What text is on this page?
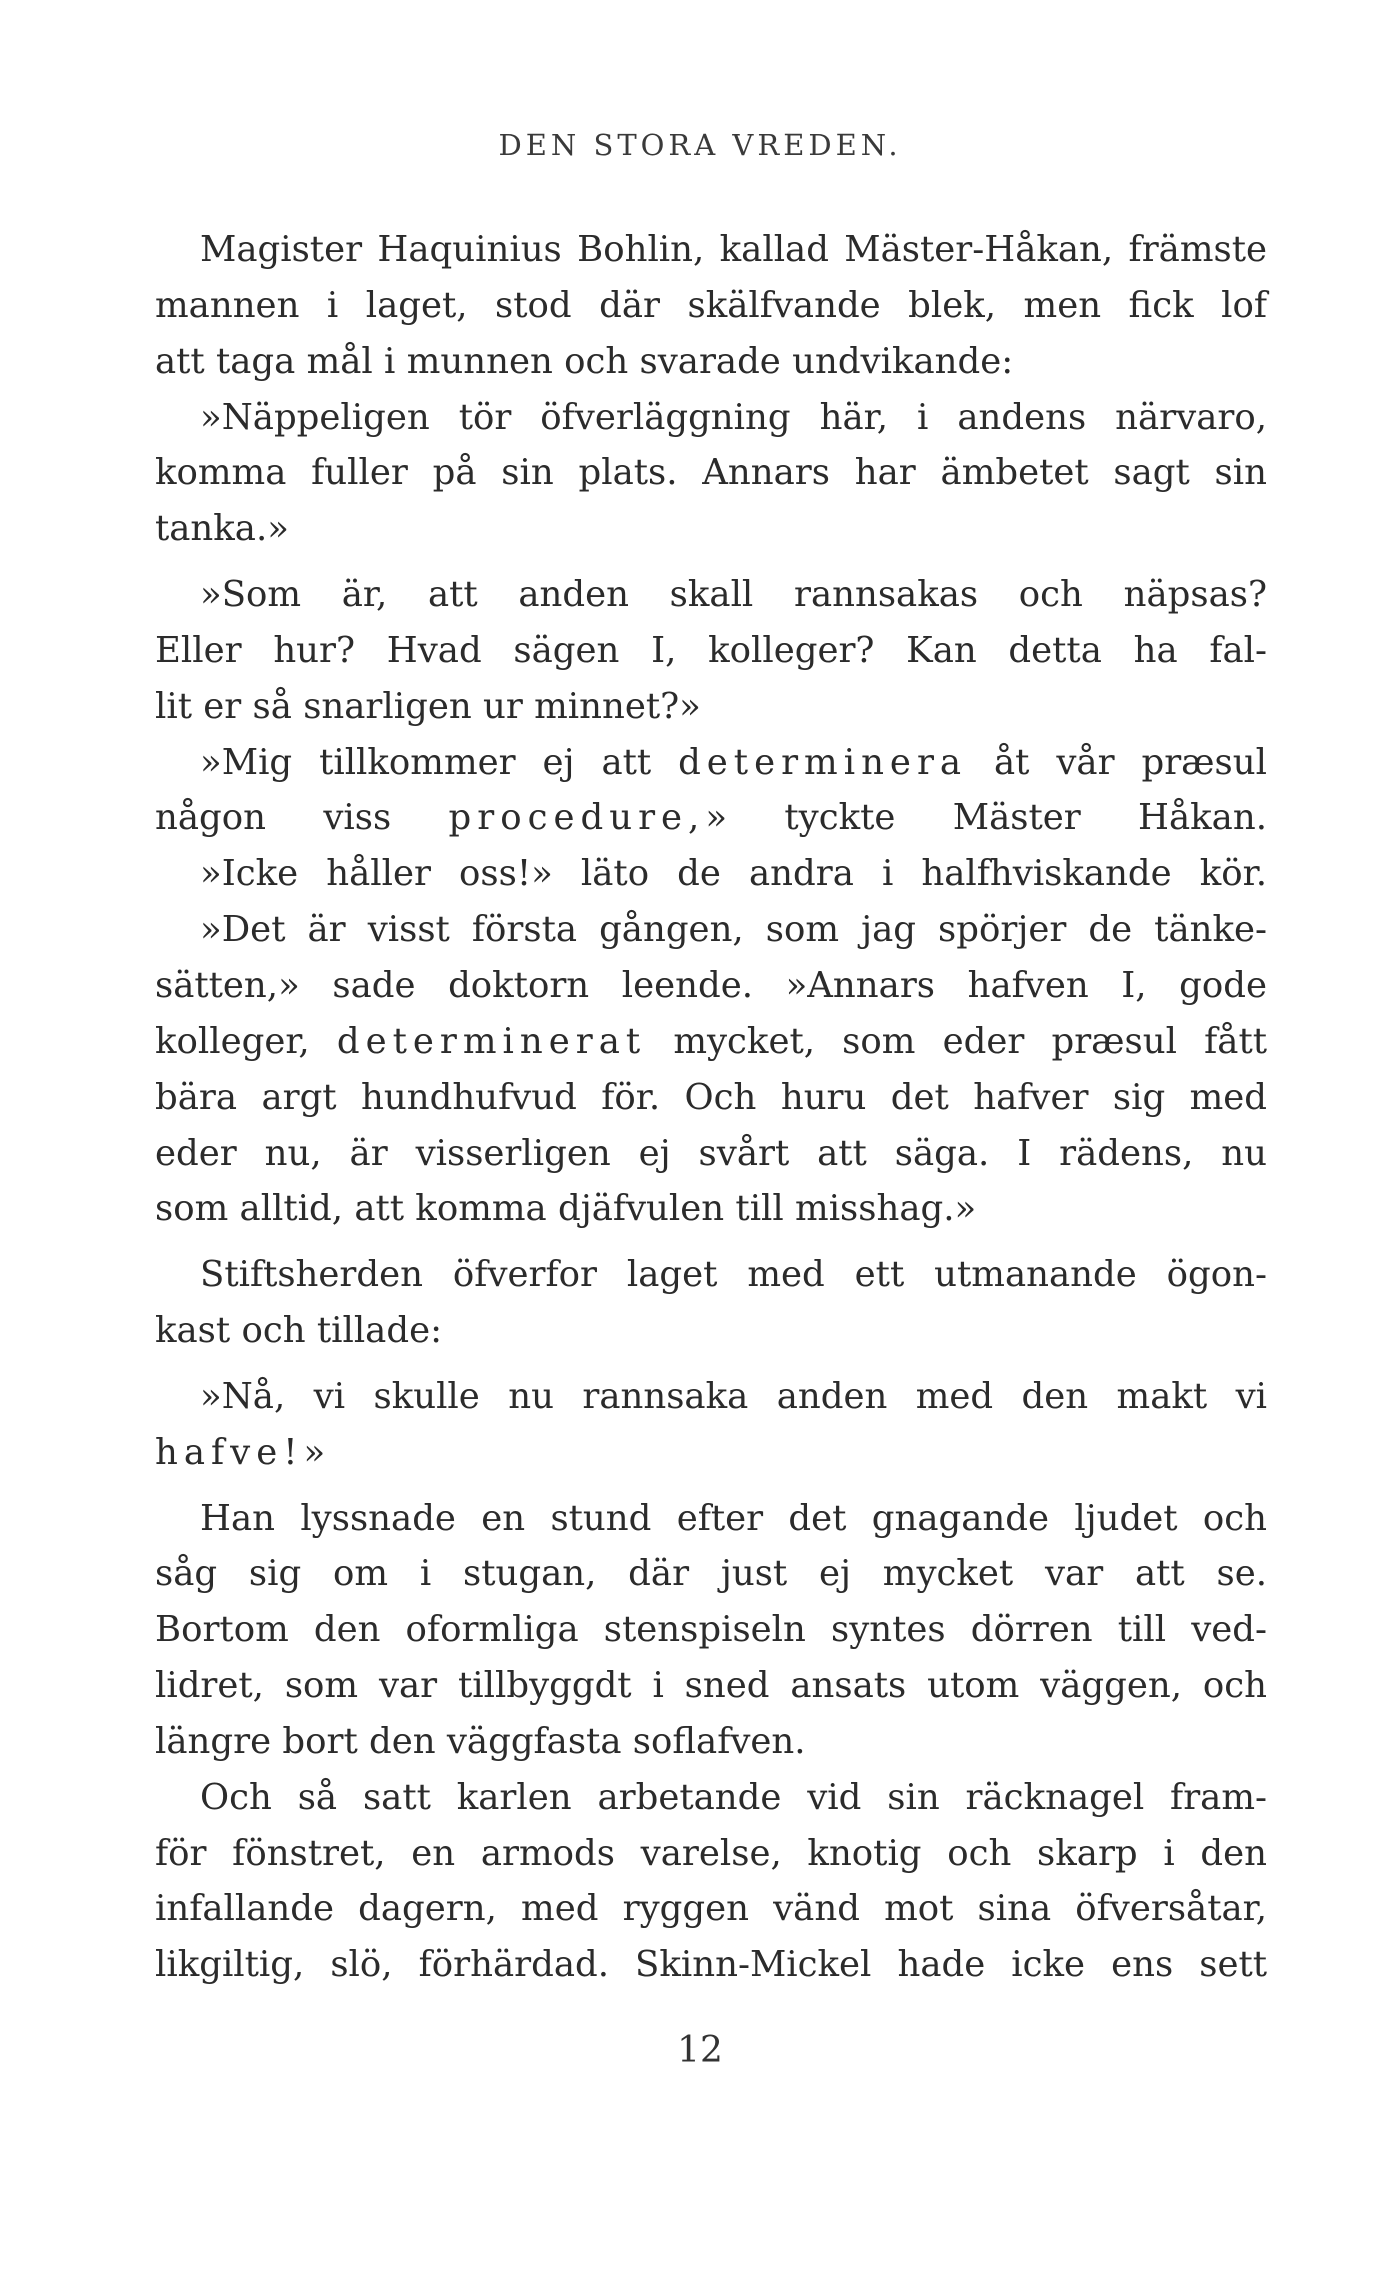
DEN STORA VREDEN.
Magister Haquinius Bohlin, kallad Mäster-Håkan, främste
mannen i laget, stod där skälfvande blek, men fick lof
att taga mål i munnen och svarade undvikande:
»Näppeligen tör öfverläggning här, i andens närvaro,
komma fuller på sin plats. Annars har ämbetet sagt sin
tanka.»
»Som är, att anden skall rannsakas och näpsas?
Eller hur? Hvad sägen I, kolleger? Kan detta ha fal-
lit er så snarligen ur minnet?»
»Mig tillkommer ej att determinera åt vår præsul
någon viss procedure,» tyckte Mäster Håkan.
»Icke håller oss!» läto de andra i halfhviskande kör.
»Det är visst första gången, som jag spörjer de tänke-
sätten,» sade doktorn leende. »Annars hafven I, gode
kolleger, determinerat mycket, som eder præsul fått
bära argt hundhufvud för. Och huru det hafver sig med
eder nu, är visserligen ej svårt att säga. I rädens, nu
som alltid, att komma djäfvulen till misshag.»
Stiftsherden öfverfor laget med ett utmanande ögon-
kast och tillade:
»Nå, vi skulle nu rannsaka anden med den makt vi
hafve!»
Han lyssnade en stund efter det gnagande ljudet och
såg sig om i stugan, där just ej mycket var att se.
Bortom den oformliga stenspiseln syntes dörren till ved-
lidret, som var tillbyggdt i sned ansats utom väggen, och
längre bort den väggfasta soflafven.
Och så satt karlen arbetande vid sin räcknagel fram-
för fönstret, en armods varelse, knotig och skarp i den
infallande dagern, med ryggen vänd mot sina öfversåtar,
likgiltig, slö, förhärdad. Skinn-Mickel hade icke ens sett
12
